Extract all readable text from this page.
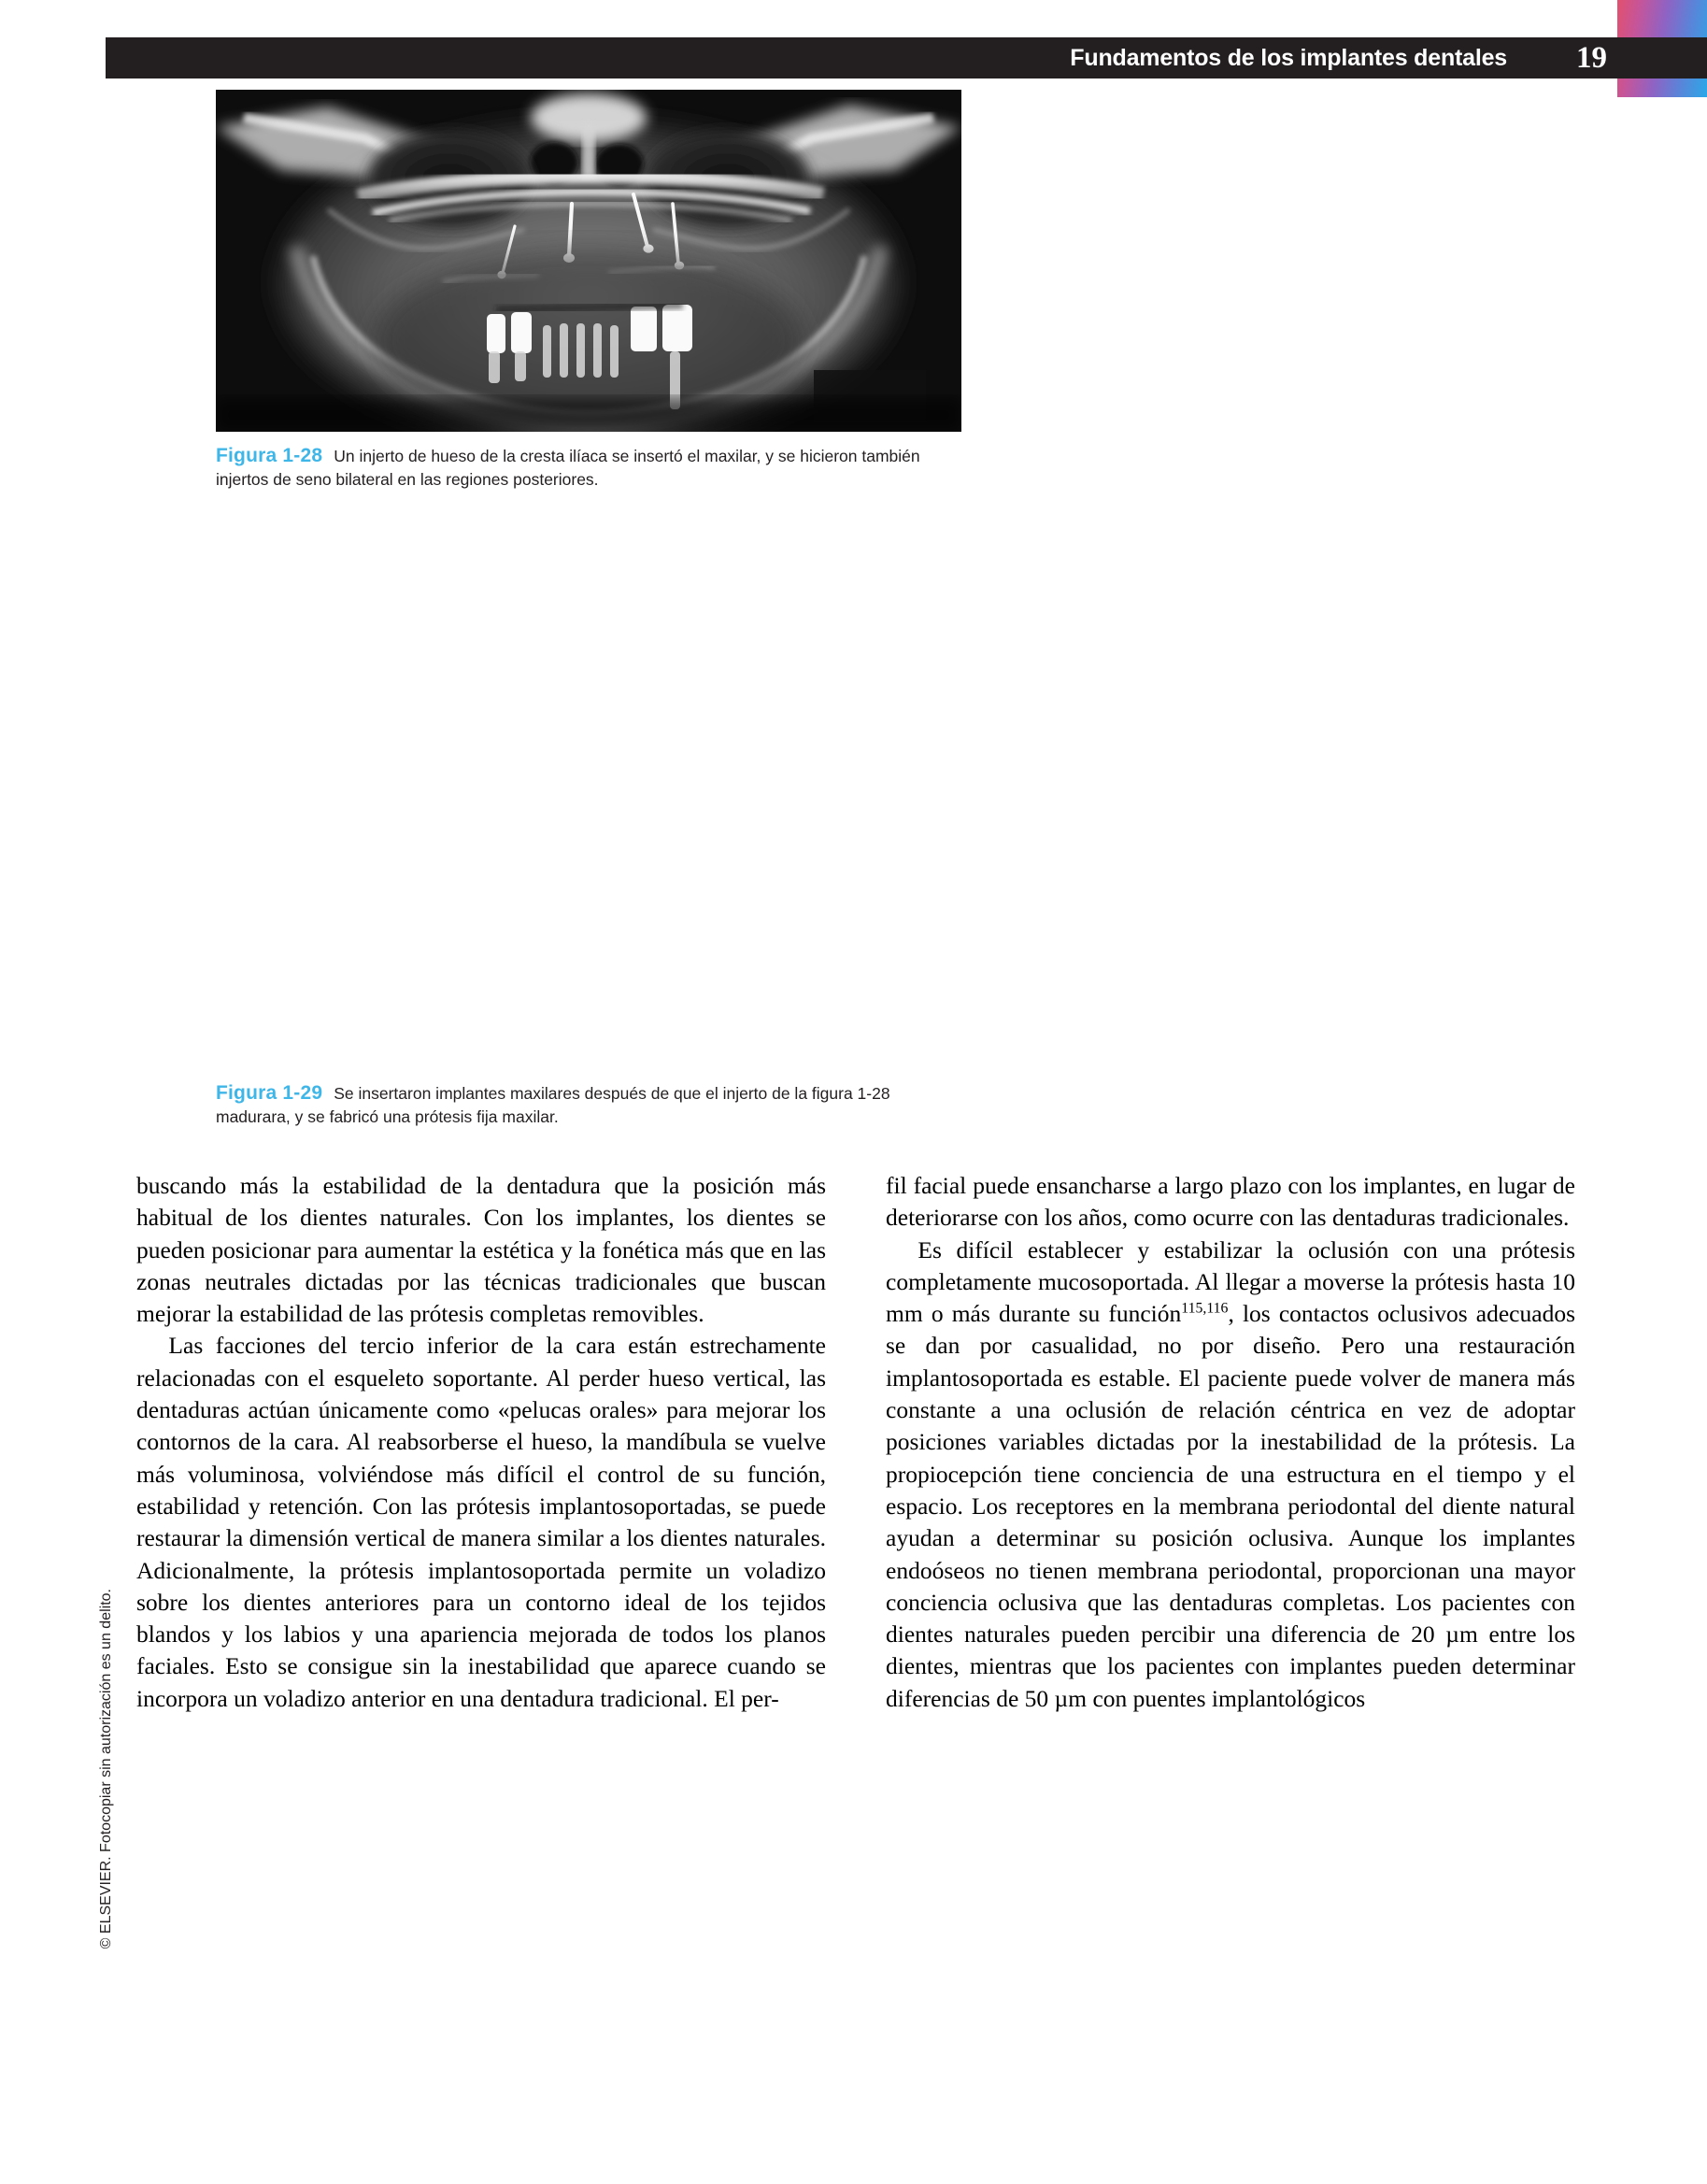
Fundamentos de los implantes dentales 19
Figura 1-28 Un injerto de hueso de la cresta ilíaca se insertó el maxilar, y se hicieron también injertos de seno bilateral en las regiones posteriores.
Figura 1-29 Se insertaron implantes maxilares después de que el injerto de la figura 1-28 madurara, y se fabricó una prótesis fija maxilar.
© ELSEVIER. Fotocopiar sin autorización es un delito.

buscando más la estabilidad de la dentadura que la posición más habitual de los dientes naturales. Con los implantes, los dientes se pueden posicionar para aumentar la estética y la fonética más que en las zonas neutrales dictadas por las técnicas tradicionales que buscan mejorar la estabilidad de las prótesis completas removibles.

Las facciones del tercio inferior de la cara están estrechamente relacionadas con el esqueleto soportante. Al perder hueso vertical, las dentaduras actúan únicamente como «pelucas orales» para mejorar los contornos de la cara. Al reabsorberse el hueso, la mandíbula se vuelve más voluminosa, volviéndose más difícil el control de su función, estabilidad y retención. Con las prótesis implantosoportadas, se puede restaurar la dimensión vertical de manera similar a los dientes naturales. Adicionalmente, la prótesis implantosoportada permite un voladizo sobre los dientes anteriores para un contorno ideal de los tejidos blandos y los labios y una apariencia mejorada de todos los planos faciales. Esto se consigue sin la inestabilidad que aparece cuando se incorpora un voladizo anterior en una dentadura tradicional. El per-

fil facial puede ensancharse a largo plazo con los implantes, en lugar de deteriorarse con los años, como ocurre con las dentaduras tradicionales.

Es difícil establecer y estabilizar la oclusión con una prótesis completamente mucosoportada. Al llegar a moverse la prótesis hasta 10 mm o más durante su función$^{115,116}$, los contactos oclusivos adecuados se dan por casualidad, no por diseño. Pero una restauración implantosoportada es estable. El paciente puede volver de manera más constante a una oclusión de relación céntrica en vez de adoptar posiciones variables dictadas por la inestabilidad de la prótesis. La propiocepción tiene conciencia de una estructura en el tiempo y el espacio. Los receptores en la membrana periodontal del diente natural ayudan a determinar su posición oclusiva. Aunque los implantes endoóseos no tienen membrana periodontal, proporcionan una mayor conciencia oclusiva que las dentaduras completas. Los pacientes con dientes naturales pueden percibir una diferencia de 20 µm entre los dientes, mientras que los pacientes con implantes pueden determinar diferencias de 50 µm con puentes implantológicos
